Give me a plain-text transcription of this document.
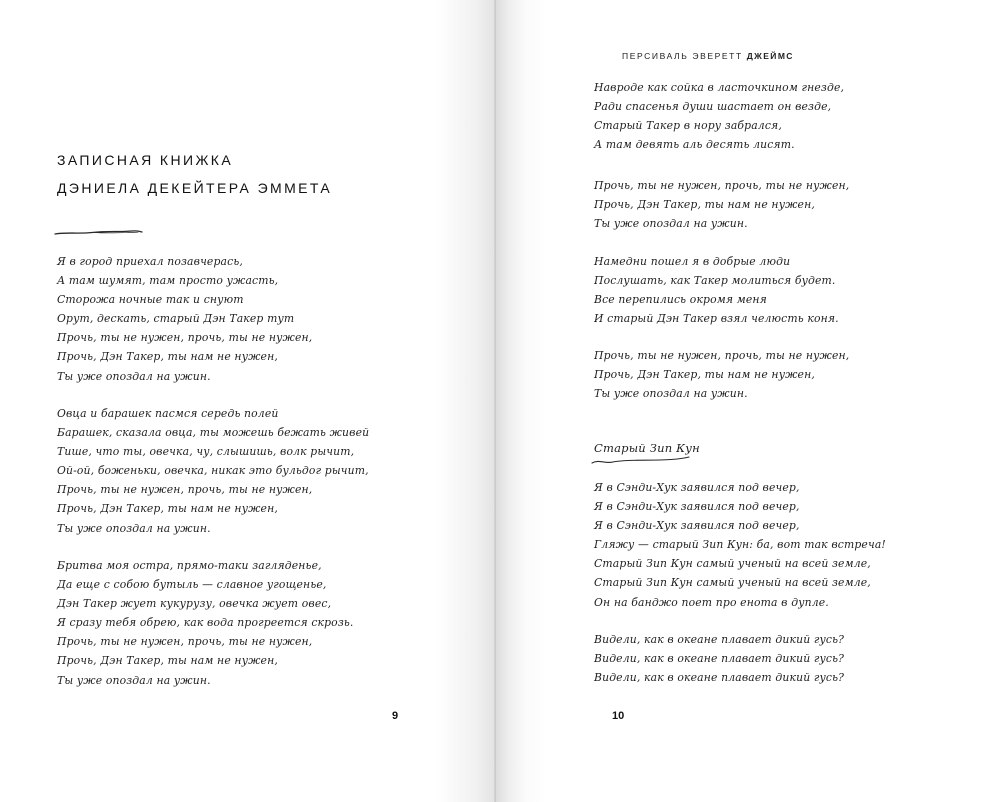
ЗАПИСНАЯ КНИЖКА
ДЭНИЕЛА ДЕКЕЙТЕРА ЭММЕТА
Я в город приехал позавчерась,
А там шумят, там просто ужасть,
Сторожа ночные так и снуют
Орут, дескать, старый Дэн Такер тут
Прочь, ты не нужен, прочь, ты не нужен,
Прочь, Дэн Такер, ты нам не нужен,
Ты уже опоздал на ужин.
Овца и барашек пасмся середь полей
Барашек, сказала овца, ты можешь бежать живей
Тише, что ты, овечка, чу, слышишь, волк рычит,
Ой-ой, боженьки, овечка, никак это бульдог рычит,
Прочь, ты не нужен, прочь, ты не нужен,
Прочь, Дэн Такер, ты нам не нужен,
Ты уже опоздал на ужин.
Бритва моя остра, прямо-таки загляденье,
Да еще с собою бутыль — славное угощенье,
Дэн Такер жует кукурузу, овечка жует овес,
Я сразу тебя обрею, как вода прогреется скрозь.
Прочь, ты не нужен, прочь, ты не нужен,
Прочь, Дэн Такер, ты нам не нужен,
Ты уже опоздал на ужин.
9
ПЕРСИВАЛЬ ЭВЕРЕТТ ДЖЕЙМС
Навроде как сойка в ласточкином гнезде,
Ради спасенья души шастает он везде,
Старый Такер в нору забрался,
А там девять аль десять лисят.
Прочь, ты не нужен, прочь, ты не нужен,
Прочь, Дэн Такер, ты нам не нужен,
Ты уже опоздал на ужин.
Намедни пошел я в добрые люди
Послушать, как Такер молиться будет.
Все перепились окромя меня
И старый Дэн Такер взял челюсть коня.
Прочь, ты не нужен, прочь, ты не нужен,
Прочь, Дэн Такер, ты нам не нужен,
Ты уже опоздал на ужин.
Старый Зип Кун
Я в Сэнди-Хук заявился под вечер,
Я в Сэнди-Хук заявился под вечер,
Я в Сэнди-Хук заявился под вечер,
Гляжу — старый Зип Кун: ба, вот так встреча!
Старый Зип Кун самый ученый на всей земле,
Старый Зип Кун самый ученый на всей земле,
Он на банджо поет про енота в дупле.
Видели, как в океане плавает дикий гусь?
Видели, как в океане плавает дикий гусь?
Видели, как в океане плавает дикий гусь?
10
